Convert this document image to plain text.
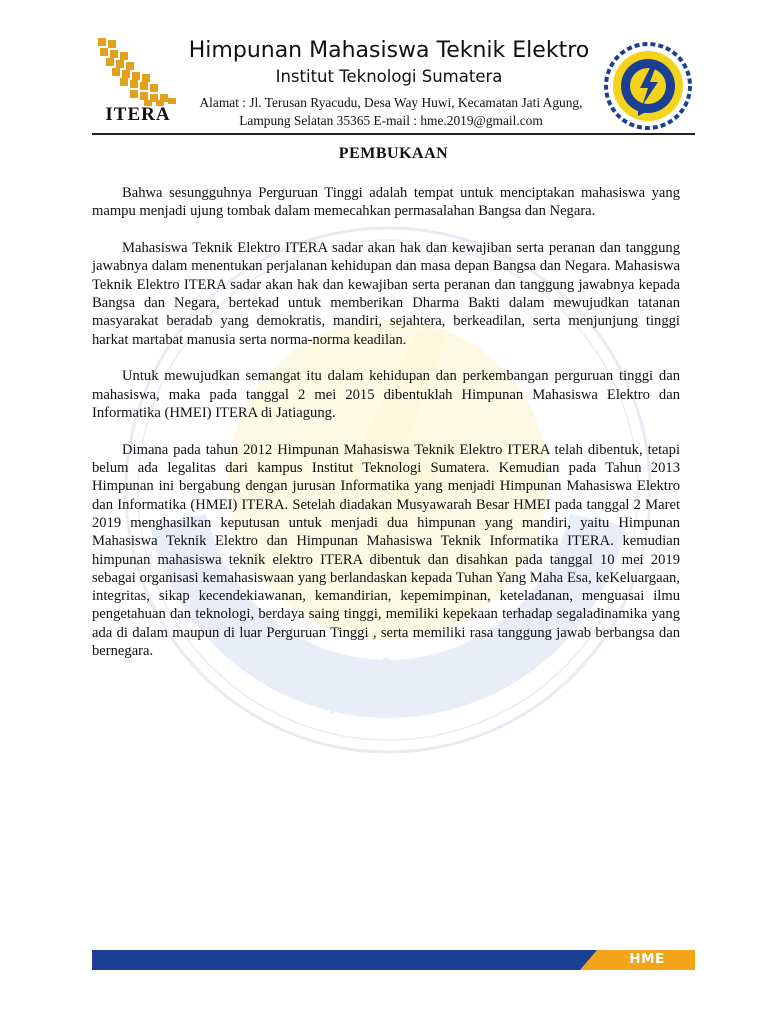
ITERA
Himpunan Mahasiswa Teknik Elektro
Institut Teknologi Sumatera
Alamat : Jl. Terusan Ryacudu, Desa Way Huwi, Kecamatan Jati Agung,
Lampung Selatan 35365 E-mail : hme.2019@gmail.com
PEMBUKAAN

Bahwa sesungguhnya Perguruan Tinggi adalah tempat untuk menciptakan mahasiswa yang mampu menjadi ujung tombak dalam memecahkan permasalahan Bangsa dan Negara.

Mahasiswa Teknik Elektro ITERA sadar akan hak dan kewajiban serta peranan dan tanggung jawabnya dalam menentukan perjalanan kehidupan dan masa depan Bangsa dan Negara. Mahasiswa Teknik Elektro ITERA sadar akan hak dan kewajiban serta peranan dan tanggung jawabnya kepada Bangsa dan Negara, bertekad untuk memberikan Dharma Bakti dalam mewujudkan tatanan masyarakat beradab yang demokratis, mandiri, sejahtera, berkeadilan, serta menjunjung tinggi harkat martabat manusia serta norma-norma keadilan.

Untuk mewujudkan semangat itu dalam kehidupan dan perkembangan perguruan tinggi dan mahasiswa, maka pada tanggal 2 mei 2015 dibentuklah Himpunan Mahasiswa Elektro dan Informatika (HMEI) ITERA di Jatiagung.

Dimana pada tahun 2012 Himpunan Mahasiswa Teknik Elektro ITERA telah dibentuk, tetapi belum ada legalitas dari kampus Institut Teknologi Sumatera. Kemudian pada Tahun 2013 Himpunan ini bergabung dengan jurusan Informatika yang menjadi Himpunan Mahasiswa Elektro dan Informatika (HMEI) ITERA. Setelah diadakan Musyawarah Besar HMEI pada tanggal 2 Maret 2019 menghasilkan keputusan untuk menjadi dua himpunan yang mandiri, yaitu Himpunan Mahasiswa Teknik Elektro dan Himpunan Mahasiswa Teknik Informatika ITERA. kemudian himpunan mahasiswa teknik elektro ITERA dibentuk dan disahkan pada tanggal 10 mei 2019 sebagai organisasi kemahasiswaan yang berlandaskan kepada Tuhan Yang Maha Esa, keKeluargaan, integritas, sikap kecendekiawanan, kemandirian, kepemimpinan, keteladanan, menguasai ilmu pengetahuan dan teknologi, berdaya saing tinggi, memiliki kepekaan terhadap segaladinamika yang ada di dalam maupun di luar Perguruan Tinggi , serta memiliki rasa tanggung jawab berbangsa dan bernegara.

HME
